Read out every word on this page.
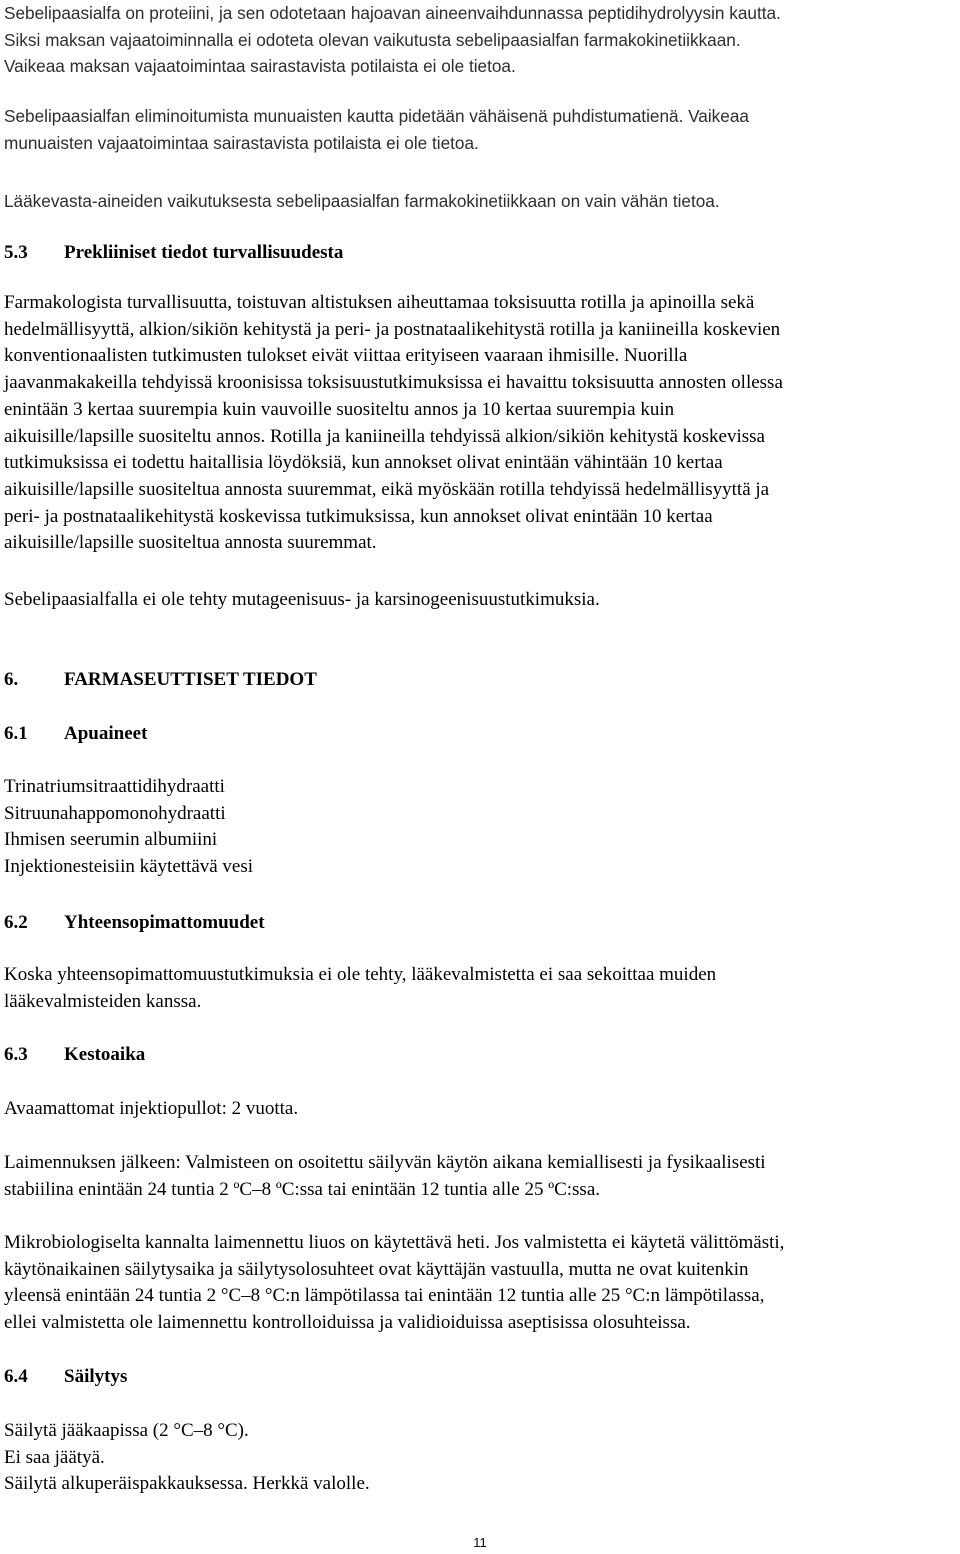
Sebelipaasialfa on proteiini, ja sen odotetaan hajoavan aineenvaihdunnassa peptidihydrolyysin kautta.
Siksi maksan vajaatoiminnalla ei odoteta olevan vaikutusta sebelipaasialfan farmakokinetiikkaan.
Vaikeaa maksan vajaatoimintaa sairastavista potilaista ei ole tietoa.

Sebelipaasialfan eliminoitumista munuaisten kautta pidetään vähäisenä puhdistumatienä. Vaikeaa
munuaisten vajaatoimintaa sairastavista potilaista ei ole tietoa.

Lääkevasta-aineiden vaikutuksesta sebelipaasialfan farmakokinetiikkaan on vain vähän tietoa.

5.3 Prekliiniset tiedot turvallisuudesta

Farmakologista turvallisuutta, toistuvan altistuksen aiheuttamaa toksisuutta rotilla ja apinoilla sekä
hedelmällisyyttä, alkion/sikiön kehitystä ja peri- ja postnataalikehitystä rotilla ja kaniineilla koskevien
konventionaalisten tutkimusten tulokset eivät viittaa erityiseen vaaraan ihmisille. Nuorilla
jaavanmakakeilla tehdyissä kroonisissa toksisuustutkimuksissa ei havaittu toksisuutta annosten ollessa
enintään 3 kertaa suurempia kuin vauvoille suositeltu annos ja 10 kertaa suurempia kuin
aikuisille/lapsille suositeltu annos. Rotilla ja kaniineilla tehdyissä alkion/sikiön kehitystä koskevissa
tutkimuksissa ei todettu haitallisia löydöksiä, kun annokset olivat enintään vähintään 10 kertaa
aikuisille/lapsille suositeltua annosta suuremmat, eikä myöskään rotilla tehdyissä hedelmällisyyttä ja
peri- ja postnataalikehitystä koskevissa tutkimuksissa, kun annokset olivat enintään 10 kertaa
aikuisille/lapsille suositeltua annosta suuremmat.

Sebelipaasialfalla ei ole tehty mutageenisuus- ja karsinogeenisuustutkimuksia.

6. FARMASEUTTISET TIEDOT
6.1 Apuaineet

Trinatriumsitraattidihydraatti
Sitruunahappomonohydraatti
Ihmisen seerumin albumiini
Injektionesteisiin käytettävä vesi

6.2 Yhteensopimattomuudet

Koska yhteensopimattomuustutkimuksia ei ole tehty, lääkevalmistetta ei saa sekoittaa muiden
lääkevalmisteiden kanssa.

6.3 Kestoaika

Avaamattomat injektiopullot: 2 vuotta.

Laimennuksen jälkeen: Valmisteen on osoitettu säilyvän käytön aikana kemiallisesti ja fysikaalisesti
stabiilina enintään 24 tuntia 2 ºC–8 ºC:ssa tai enintään 12 tuntia alle 25 ºC:ssa.

Mikrobiologiselta kannalta laimennettu liuos on käytettävä heti. Jos valmistetta ei käytetä välittömästi,
käytönaikainen säilytysaika ja säilytysolosuhteet ovat käyttäjän vastuulla, mutta ne ovat kuitenkin
yleensä enintään 24 tuntia 2 °C–8 °C:n lämpötilassa tai enintään 12 tuntia alle 25 °C:n lämpötilassa,
ellei valmistetta ole laimennettu kontrolloiduissa ja validioiduissa aseptisissa olosuhteissa.

6.4 Säilytys

Säilytä jääkaapissa (2 °C–8 °C).
Ei saa jäätyä.
Säilytä alkuperäispakkauksessa. Herkkä valolle.

11
